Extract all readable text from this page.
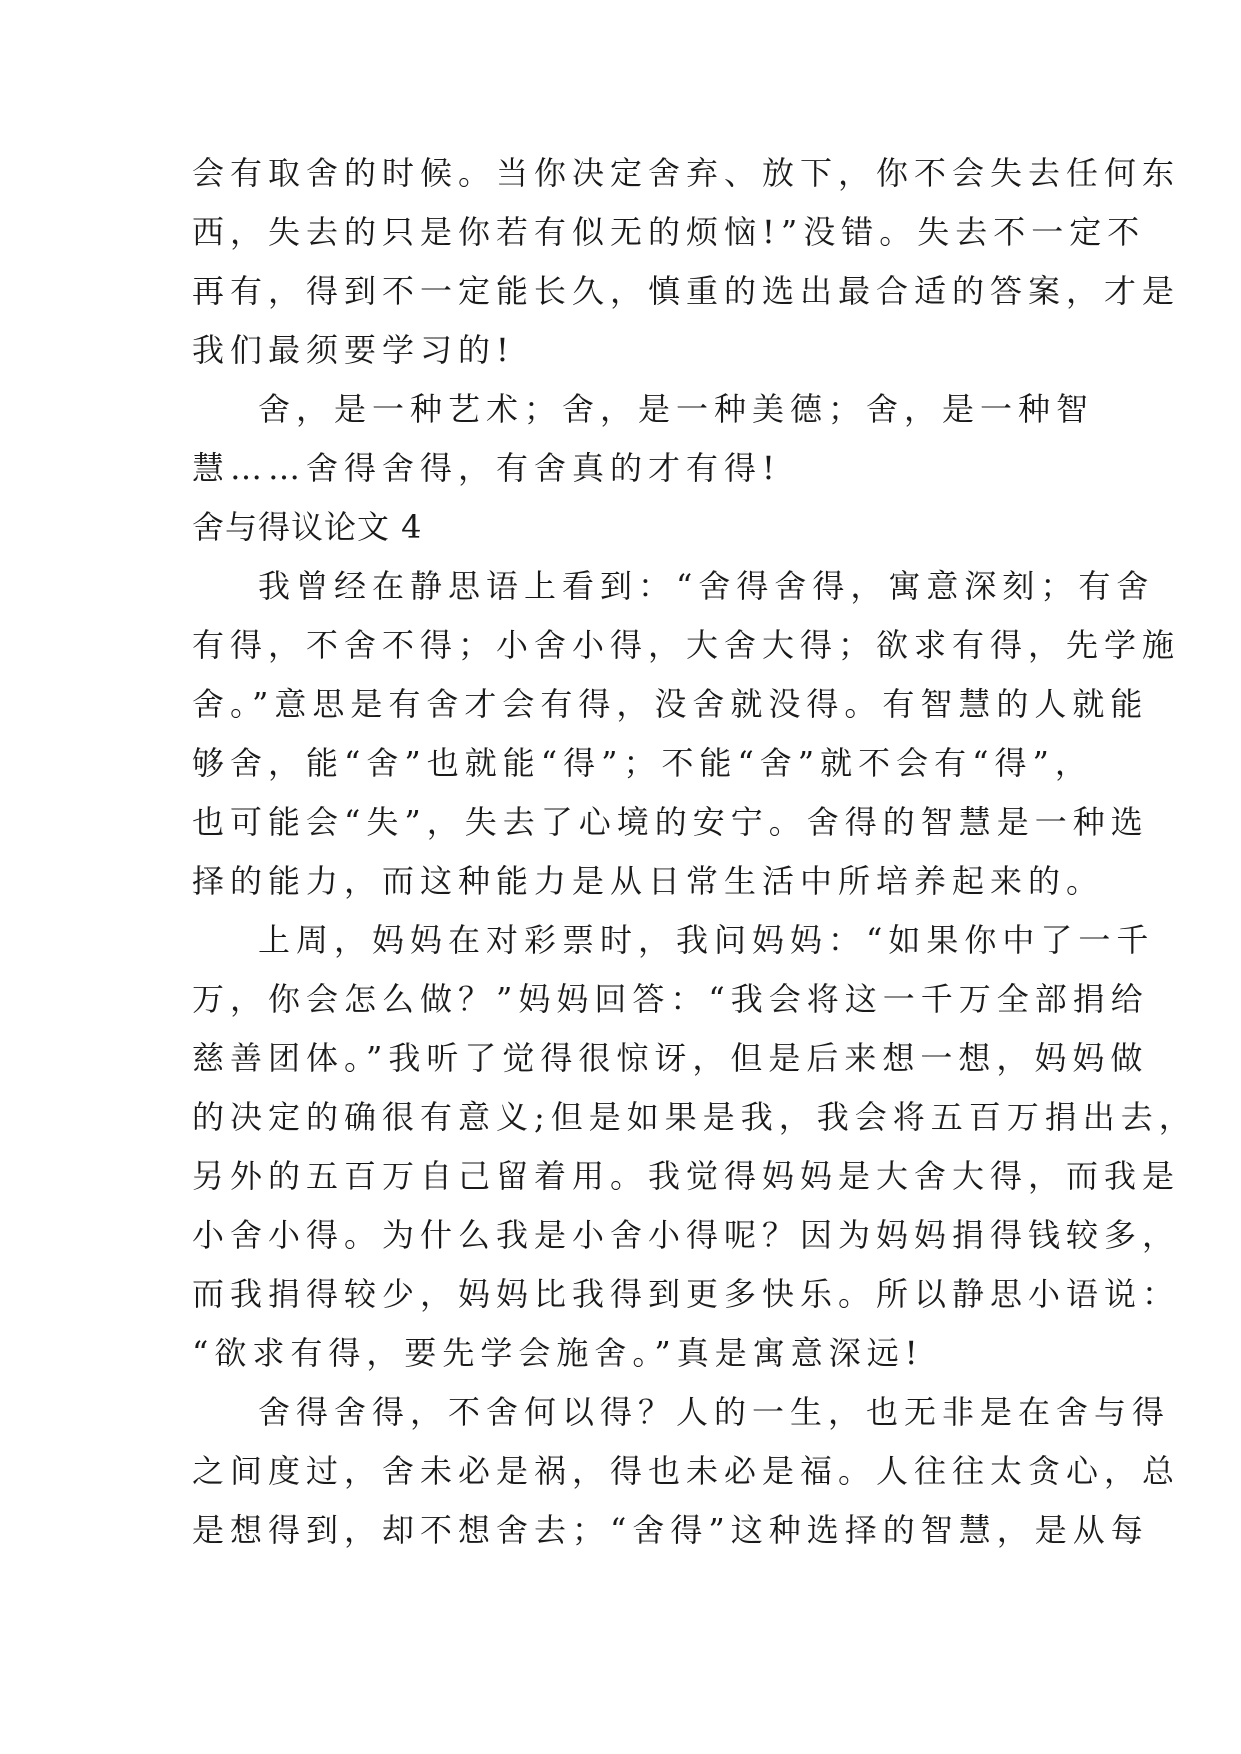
会有取舍的时候。当你决定舍弃、放下，你不会失去任何东
西，失去的只是你若有似无的烦恼!”没错。失去不一定不
再有，得到不一定能长久，慎重的选出最合适的答案，才是
我们最须要学习的!
舍，是一种艺术；舍，是一种美德；舍，是一种智
慧……舍得舍得，有舍真的才有得!
舍与得议论文 4
我曾经在静思语上看到：“舍得舍得，寓意深刻；有舍
有得，不舍不得；小舍小得，大舍大得；欲求有得，先学施
舍。”意思是有舍才会有得，没舍就没得。有智慧的人就能
够舍，能“舍”也就能“得”；不能“舍”就不会有“得”，
也可能会“失”，失去了心境的安宁。舍得的智慧是一种选
择的能力，而这种能力是从日常生活中所培养起来的。
上周，妈妈在对彩票时，我问妈妈：“如果你中了一千
万，你会怎么做？”妈妈回答：“我会将这一千万全部捐给
慈善团体。”我听了觉得很惊讶，但是后来想一想，妈妈做
的决定的确很有意义;但是如果是我，我会将五百万捐出去，
另外的五百万自己留着用。我觉得妈妈是大舍大得，而我是
小舍小得。为什么我是小舍小得呢？因为妈妈捐得钱较多，
而我捐得较少，妈妈比我得到更多快乐。所以静思小语说：
“欲求有得，要先学会施舍。”真是寓意深远!
舍得舍得，不舍何以得？人的一生，也无非是在舍与得
之间度过，舍未必是祸，得也未必是福。人往往太贪心，总
是想得到，却不想舍去；“舍得”这种选择的智慧，是从每
